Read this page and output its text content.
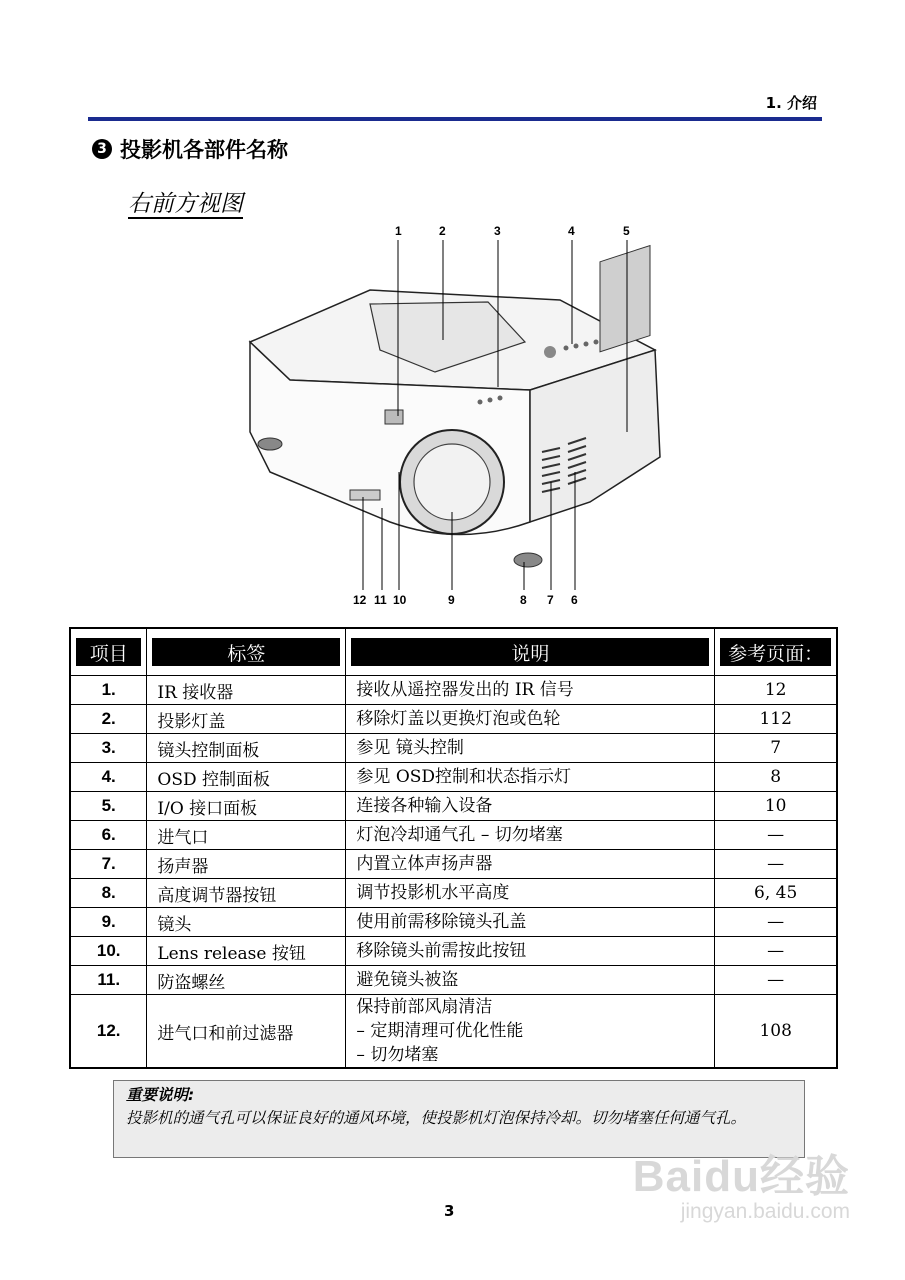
1. 介绍
3 投影机各部件名称
右前方视图
1	2	3	4	5
12 11 10	9	8 7 6
项目	标签	说明	参考页面：

1.	IR 接收器	接收从遥控器发出的 IR 信号	12
2.	投影灯盖	移除灯盖以更换灯泡或色轮	112
3.	镜头控制面板	参见 镜头控制	7
4.	OSD 控制面板	参见 OSD控制和状态指示灯	8
5.	I/O 接口面板	连接各种输入设备	10
6.	进气口	灯泡冷却通气孔 – 切勿堵塞	—
7.	扬声器	内置立体声扬声器	—
8.	高度调节器按钮	调节投影机水平高度	6, 45
9.	镜头	使用前需移除镜头孔盖	—
10.	Lens release 按钮	移除镜头前需按此按钮	—
11.	防盗螺丝	避免镜头被盗	—
12.	进气口和前过滤器	保持前部风扇清洁
– 定期清理可优化性能
– 切勿堵塞	108
重要说明:
投影机的通气孔可以保证良好的通风环境，使投影机灯泡保持冷却。切勿堵塞任何通气孔。
3
Baidu经验
jingyan.baidu.com
